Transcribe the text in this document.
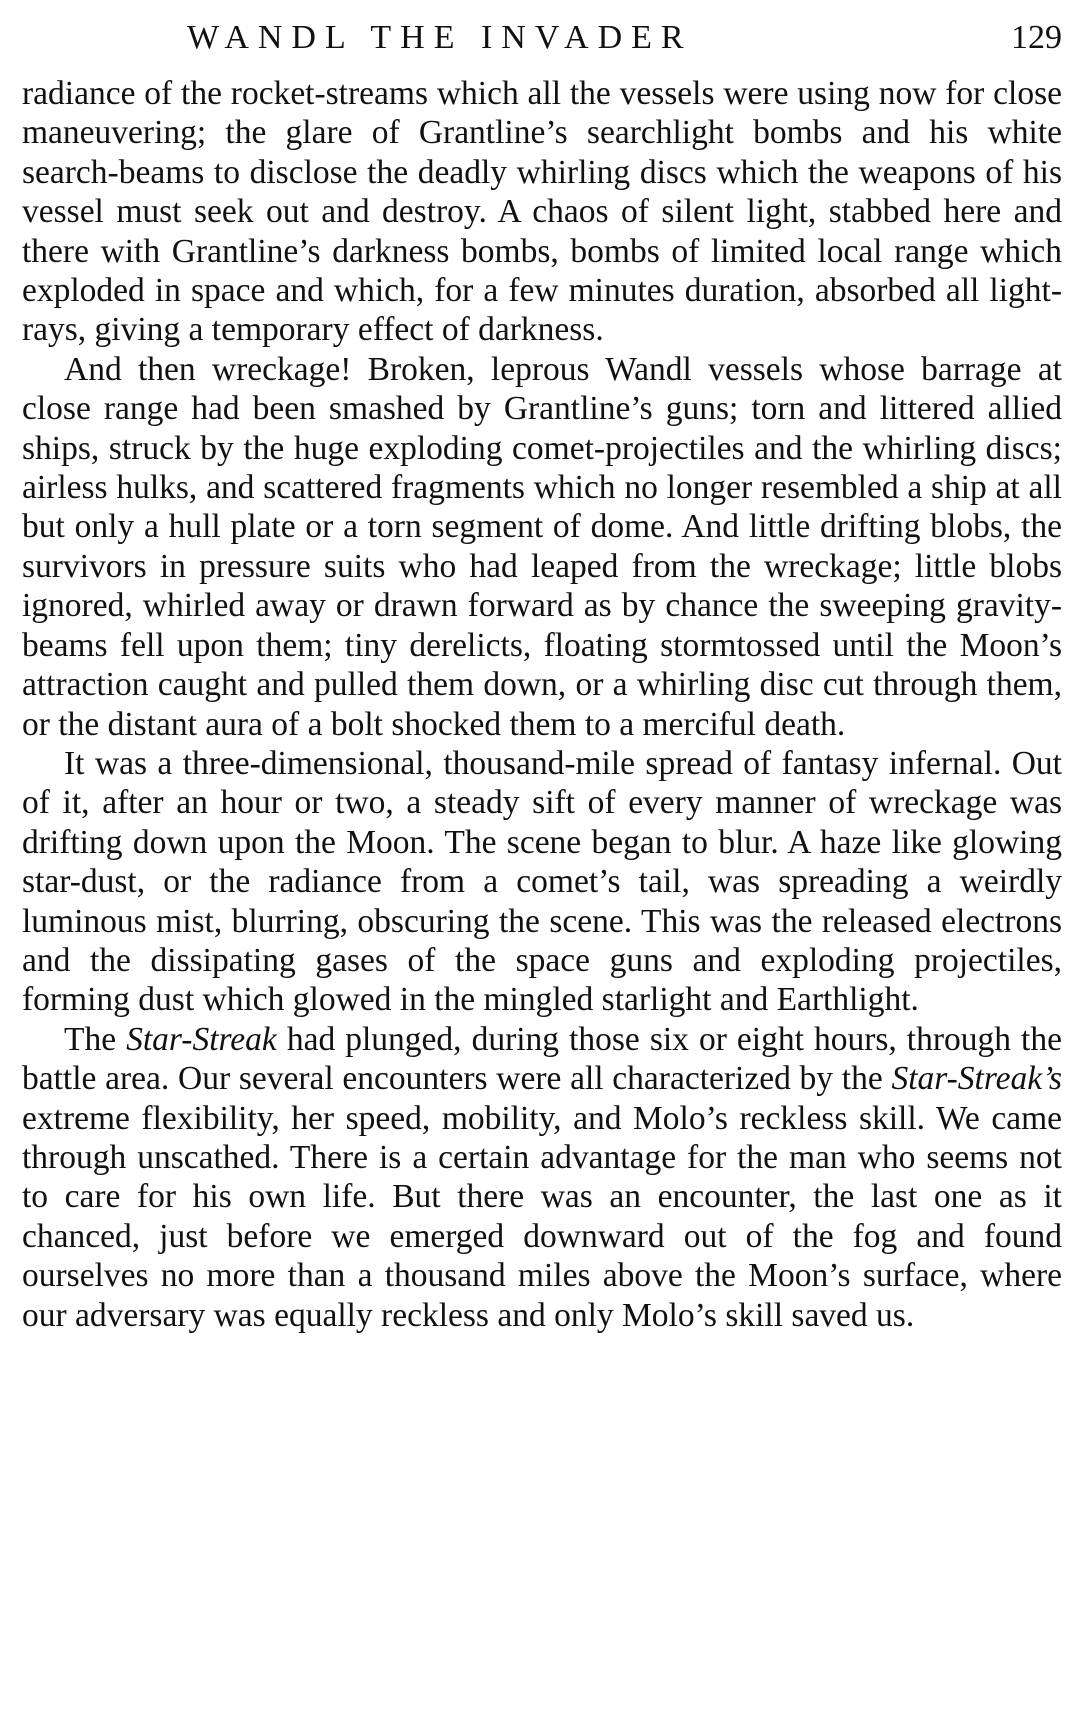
WANDL THE INVADER	129

radiance of the rocket-streams which all the vessels were using now for close maneuvering; the glare of Grantline’s searchlight bombs and his white search-beams to disclose the deadly whirling discs which the weapons of his vessel must seek out and destroy. A chaos of silent light, stabbed here and there with Grantline’s darkness bombs, bombs of limited local range which exploded in space and which, for a few minutes duration, absorbed all light-rays, giving a temporary effect of darkness.

And then wreckage! Broken, leprous Wandl vessels whose barrage at close range had been smashed by Grantline’s guns; torn and littered allied ships, struck by the huge exploding comet-projectiles and the whirling discs; airless hulks, and scattered fragments which no longer resembled a ship at all but only a hull plate or a torn segment of dome. And little drifting blobs, the survivors in pressure suits who had leaped from the wreckage; little blobs ignored, whirled away or drawn forward as by chance the sweeping gravity-beams fell upon them; tiny derelicts, floating stormtossed until the Moon’s attraction caught and pulled them down, or a whirling disc cut through them, or the distant aura of a bolt shocked them to a merciful death.

It was a three-dimensional, thousand-mile spread of fantasy infernal. Out of it, after an hour or two, a steady sift of every manner of wreckage was drifting down upon the Moon. The scene began to blur. A haze like glowing star-dust, or the radiance from a comet’s tail, was spreading a weirdly luminous mist, blurring, obscuring the scene. This was the released electrons and the dissipating gases of the space guns and exploding projectiles, forming dust which glowed in the mingled starlight and Earthlight.

The Star-Streak had plunged, during those six or eight hours, through the battle area. Our several encounters were all characterized by the Star-Streak’s extreme flexibility, her speed, mobility, and Molo’s reckless skill. We came through unscathed. There is a certain advantage for the man who seems not to care for his own life. But there was an encounter, the last one as it chanced, just before we emerged downward out of the fog and found ourselves no more than a thousand miles above the Moon’s surface, where our adversary was equally reckless and only Molo’s skill saved us.
